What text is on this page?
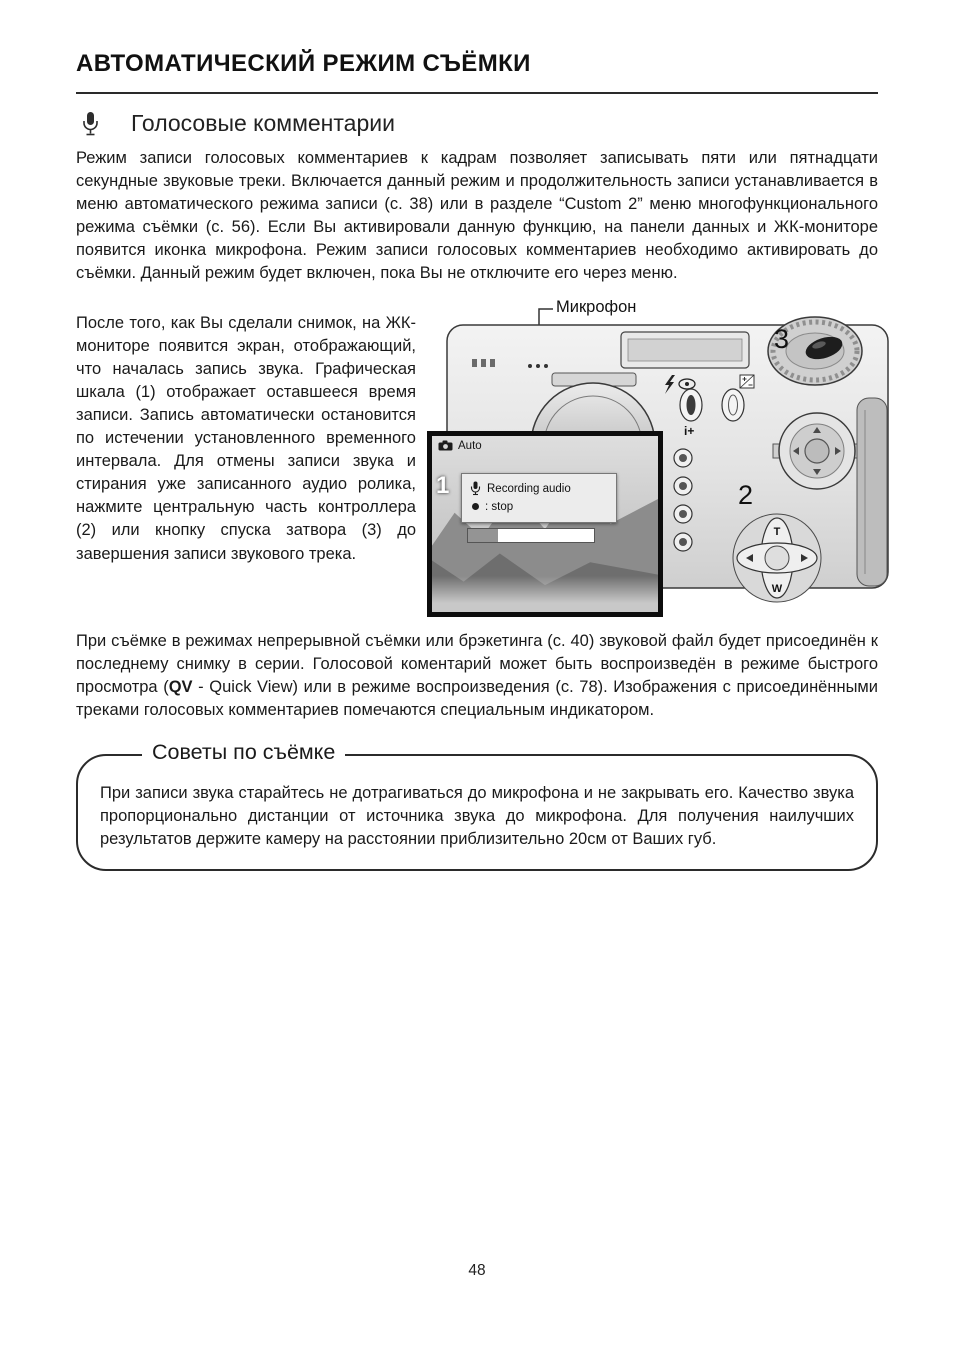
АВТОМАТИЧЕСКИЙ РЕЖИМ СЪЁМКИ
Голосовые комментарии

Режим записи голосовых комментариев к кадрам позволяет записывать пяти или пятнадцати секундные звуковые треки. Включается данный режим и продолжительность записи устанавливается в меню автоматического режима записи (с. 38) или в разделе “Custom 2” меню многофункционального режима съёмки (с. 56). Если Вы активировали данную функцию, на панели данных и ЖК-мониторе появится иконка микрофона. Режим записи голосовых комментариев необходимо активировать до съёмки. Данный режим будет включен, пока Вы не отключите его через меню.

После того, как Вы сделали снимок, на ЖК-мониторе появится экран, отображающий, что началась запись звука. Графическая шкала (1) отображает оставшееся время записи. Запись автоматически остановится по истечении установленного временного интервала. Для отмены записи звука и стирания уже записанного аудио ролика, нажмите центральную часть контроллера (2) или кнопку спуска затвора (3) до завершения записи звукового трека.
Микрофон
i+
T
W
3
2
Auto
1	Recording audio
: stop

При съёмке в режимах непрерывной съёмки или брэкетинга (с. 40) звуковой файл будет присоединён к последнему снимку в серии. Голосовой коментарий может быть воспроизведён в режиме быстрого просмотра (QV - Quick View) или в режиме воспроизведения (с. 78). Изображения с присоединёнными треками голосовых комментариев помечаются специальным индикатором.

Советы по съёмке

При записи звука старайтесь не дотрагиваться до микрофона и не закрывать его. Качество звука пропорционально дистанции от источника звука до микрофона. Для получения наилучших результатов держите камеру на расстоянии приблизительно 20см от Ваших губ.

48
